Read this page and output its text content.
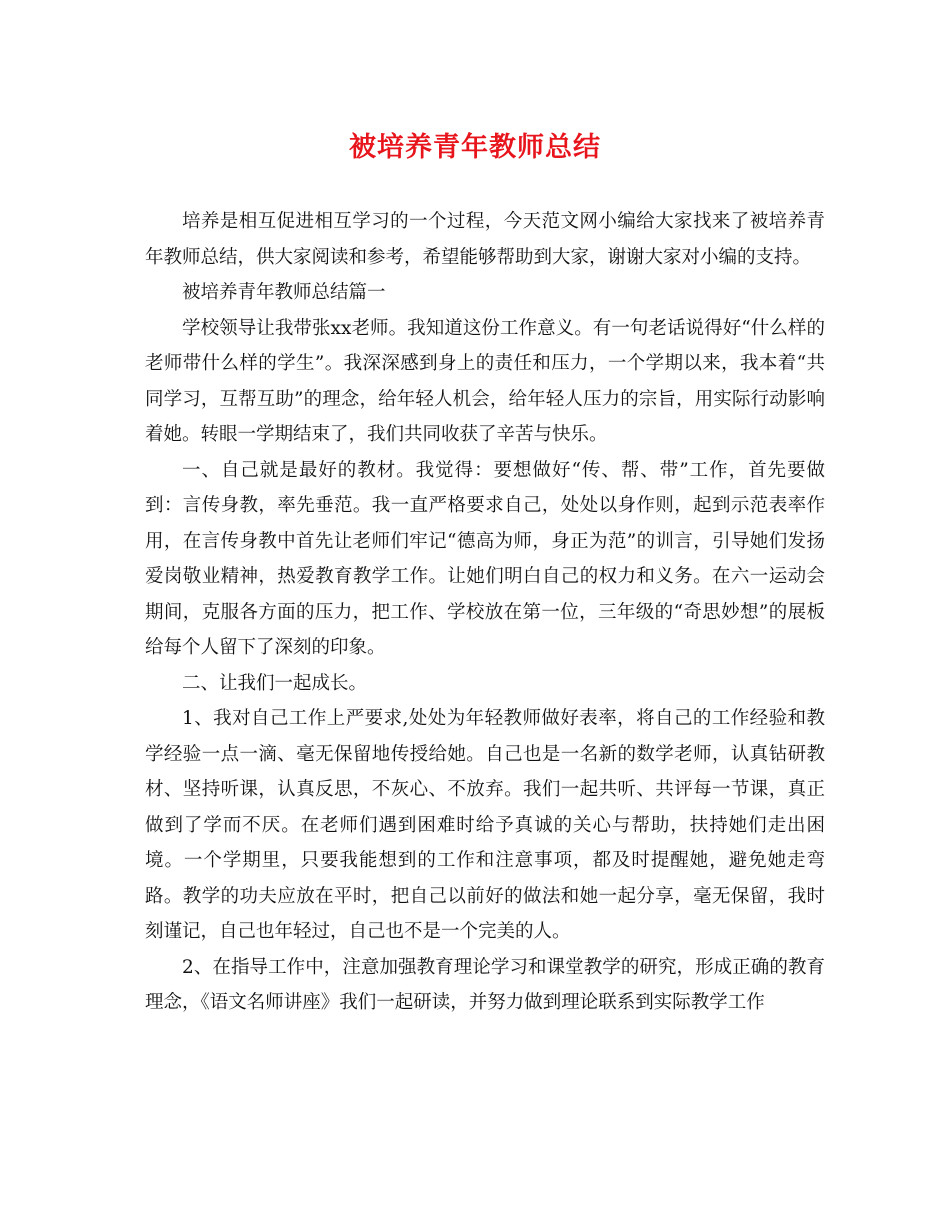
被培养青年教师总结

培养是相互促进相互学习的一个过程，今天范文网小编给大家找来了被培养青年教师总结，供大家阅读和参考，希望能够帮助到大家，谢谢大家对小编的支持。

被培养青年教师总结篇一

学校领导让我带张xx老师。我知道这份工作意义。有一句老话说得好“什么样的老师带什么样的学生”。我深深感到身上的责任和压力，一个学期以来，我本着“共同学习，互帮互助”的理念，给年轻人机会，给年轻人压力的宗旨，用实际行动影响着她。转眼一学期结束了，我们共同收获了辛苦与快乐。

一、自己就是最好的教材。我觉得：要想做好“传、帮、带”工作，首先要做到：言传身教，率先垂范。我一直严格要求自己，处处以身作则，起到示范表率作用，在言传身教中首先让老师们牢记“德高为师，身正为范”的训言，引导她们发扬爱岗敬业精神，热爱教育教学工作。让她们明白自己的权力和义务。在六一运动会期间，克服各方面的压力，把工作、学校放在第一位，三年级的“奇思妙想”的展板给每个人留下了深刻的印象。

二、让我们一起成长。

1、我对自己工作上严要求,处处为年轻教师做好表率，将自己的工作经验和教学经验一点一滴、毫无保留地传授给她。自己也是一名新的数学老师，认真钻研教材、坚持听课，认真反思，不灰心、不放弃。我们一起共听、共评每一节课，真正做到了学而不厌。在老师们遇到困难时给予真诚的关心与帮助，扶持她们走出困境。一个学期里，只要我能想到的工作和注意事项，都及时提醒她，避免她走弯路。教学的功夫应放在平时，把自己以前好的做法和她一起分享，毫无保留，我时刻谨记，自己也年轻过，自己也不是一个完美的人。

2、在指导工作中，注意加强教育理论学习和课堂教学的研究，形成正确的教育理念，《语文名师讲座》我们一起研读，并努力做到理论联系到实际教学工作
